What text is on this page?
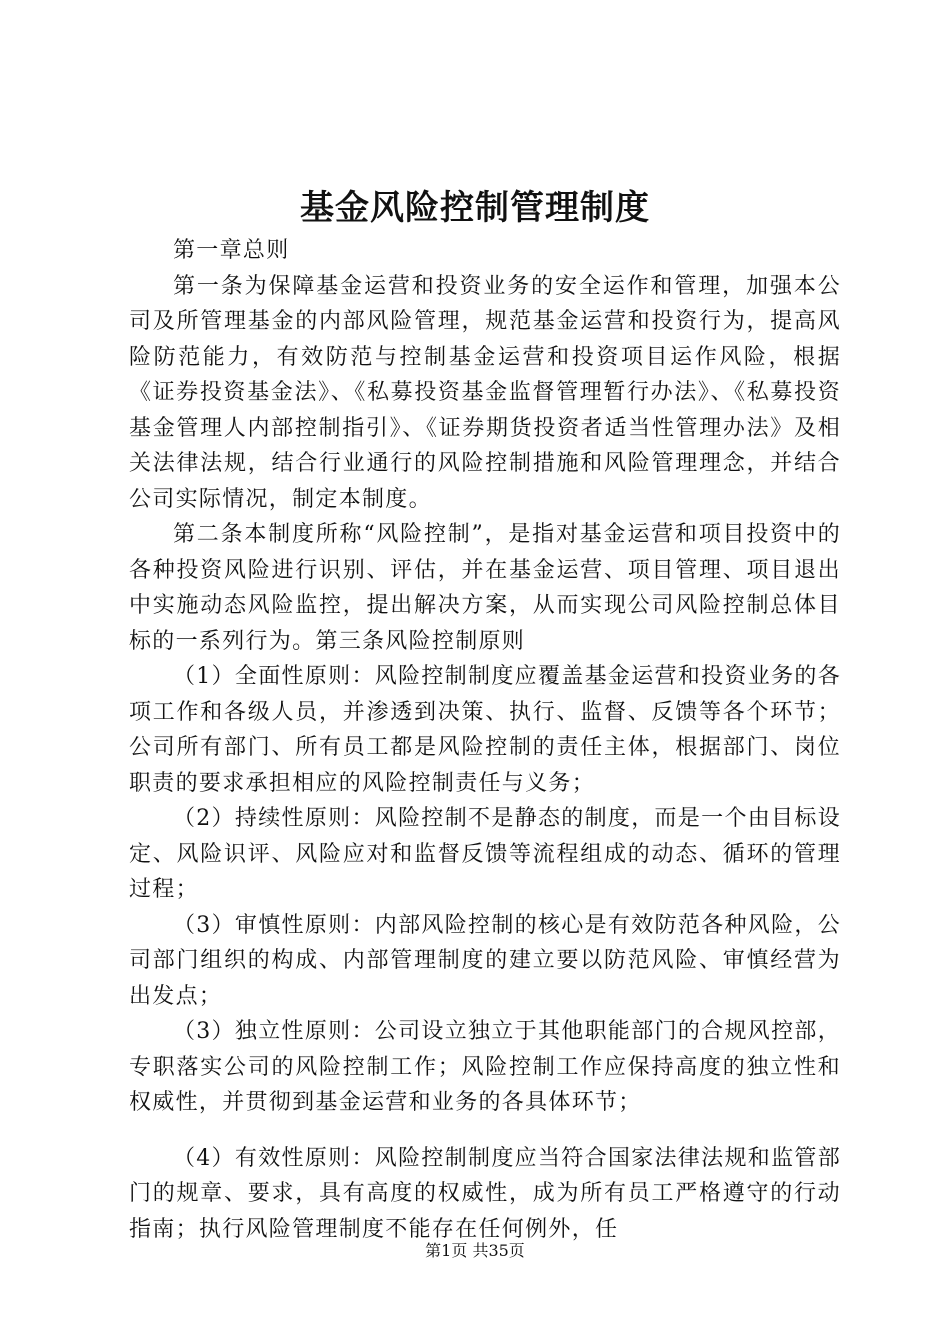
基金风险控制管理制度

第一章总则

第一条为保障基金运营和投资业务的安全运作和管理，加强本公司及所管理基金的内部风险管理，规范基金运营和投资行为，提高风险防范能力，有效防范与控制基金运营和投资项目运作风险，根据《证券投资基金法》、《私募投资基金监督管理暂行办法》、《私募投资基金管理人内部控制指引》、《证券期货投资者适当性管理办法》及相关法律法规，结合行业通行的风险控制措施和风险管理理念，并结合公司实际情况，制定本制度。

第二条本制度所称“风险控制”，是指对基金运营和项目投资中的各种投资风险进行识别、评估，并在基金运营、项目管理、项目退出中实施动态风险监控，提出解决方案，从而实现公司风险控制总体目标的一系列行为。第三条风险控制原则

（1）全面性原则：风险控制制度应覆盖基金运营和投资业务的各项工作和各级人员，并渗透到决策、执行、监督、反馈等各个环节；公司所有部门、所有员工都是风险控制的责任主体，根据部门、岗位职责的要求承担相应的风险控制责任与义务；

（2）持续性原则：风险控制不是静态的制度，而是一个由目标设定、风险识评、风险应对和监督反馈等流程组成的动态、循环的管理过程；

（3）审慎性原则：内部风险控制的核心是有效防范各种风险，公司部门组织的构成、内部管理制度的建立要以防范风险、审慎经营为出发点；

（3）独立性原则：公司设立独立于其他职能部门的合规风控部，专职落实公司的风险控制工作；风险控制工作应保持高度的独立性和权威性，并贯彻到基金运营和业务的各具体环节；

（4）有效性原则：风险控制制度应当符合国家法律法规和监管部门的规章、要求，具有高度的权威性，成为所有员工严格遵守的行动指南；执行风险管理制度不能存在任何例外，任

第1页 共35页
